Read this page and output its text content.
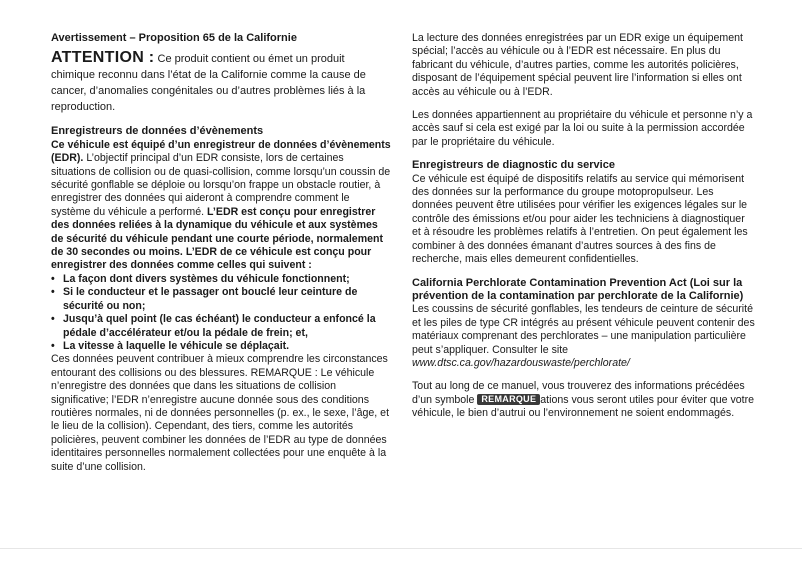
Avertissement – Proposition 65 de la Californie

ATTENTION : Ce produit contient ou émet un produit chimique reconnu dans l’état de la Californie comme la cause de cancer, d’anomalies congénitales ou d’autres problèmes liés à la reproduction.

Enregistreurs de données d’évènements

Ce véhicule est équipé d’un enregistreur de données d’évènements (EDR). L’objectif principal d’un EDR consiste, lors de certaines situations de collision ou de quasi-collision, comme lorsqu’un coussin de sécurité gonflable se déploie ou lorsqu’on frappe un obstacle routier, à enregistrer des données qui aideront à comprendre comment le système du véhicule a performé. L’EDR est conçu pour enregistrer des données reliées à la dynamique du véhicule et aux systèmes de sécurité du véhicule pendant une courte période, normalement de 30 secondes ou moins. L’EDR de ce véhicule est conçu pour enregistrer des données comme celles qui suivent :

• La façon dont divers systèmes du véhicule fonctionnent;
• Si le conducteur et le passager ont bouclé leur ceinture de sécurité ou non;
• Jusqu’à quel point (le cas échéant) le conducteur a enfoncé la pédale d’accélérateur et/ou la pédale de frein; et,
• La vitesse à laquelle le véhicule se déplaçait.

Ces données peuvent contribuer à mieux comprendre les circonstances entourant des collisions ou des blessures. REMARQUE : Le véhicule n’enregistre des données que dans les situations de collision significative; l’EDR n’enregistre aucune donnée sous des conditions routières normales, ni de données personnelles (p. ex., le sexe, l’âge, et le lieu de la collision). Cependant, des tiers, comme les autorités policières, peuvent combiner les données de l’EDR au type de données identitaires personnelles normalement collectées pour une enquête à la suite d’une collision.

La lecture des données enregistrées par un EDR exige un équipement spécial; l’accès au véhicule ou à l’EDR est nécessaire. En plus du fabricant du véhicule, d’autres parties, comme les autorités policières, disposant de l’équipement spécial peuvent lire l’information si elles ont accès au véhicule ou à l’EDR.

Les données appartiennent au propriétaire du véhicule et personne n’y a accès sauf si cela est exigé par la loi ou suite à la permission accordée par le propriétaire du véhicule.

Enregistreurs de diagnostic du service

Ce véhicule est équipé de dispositifs relatifs au service qui mémorisent des données sur la performance du groupe motopropulseur. Les données peuvent être utilisées pour vérifier les exigences légales sur le contrôle des émissions et/ou pour aider les techniciens à diagnostiquer et à résoudre les problèmes relatifs à l’entretien. On peut également les combiner à des données émanant d’autres sources à des fins de recherche, mais elles demeurent confidentielles.

California Perchlorate Contamination Prevention Act (Loi sur la prévention de la contamination par perchlorate de la Californie)

Les coussins de sécurité gonflables, les tendeurs de ceinture de sécurité et les piles de type CR intégrés au présent véhicule peuvent contenir des matériaux comprenant des perchlorates – une manipulation particulière peut s’appliquer. Consulter le site www.dtsc.ca.gov/hazardouswaste/perchlorate/

Tout au long de ce manuel, vous trouverez des informations précédées d’un symbole REMARQUE ations vous seront utiles pour éviter que votre véhicule, le bien d’autrui ou l’environnement ne soient endommagés.
